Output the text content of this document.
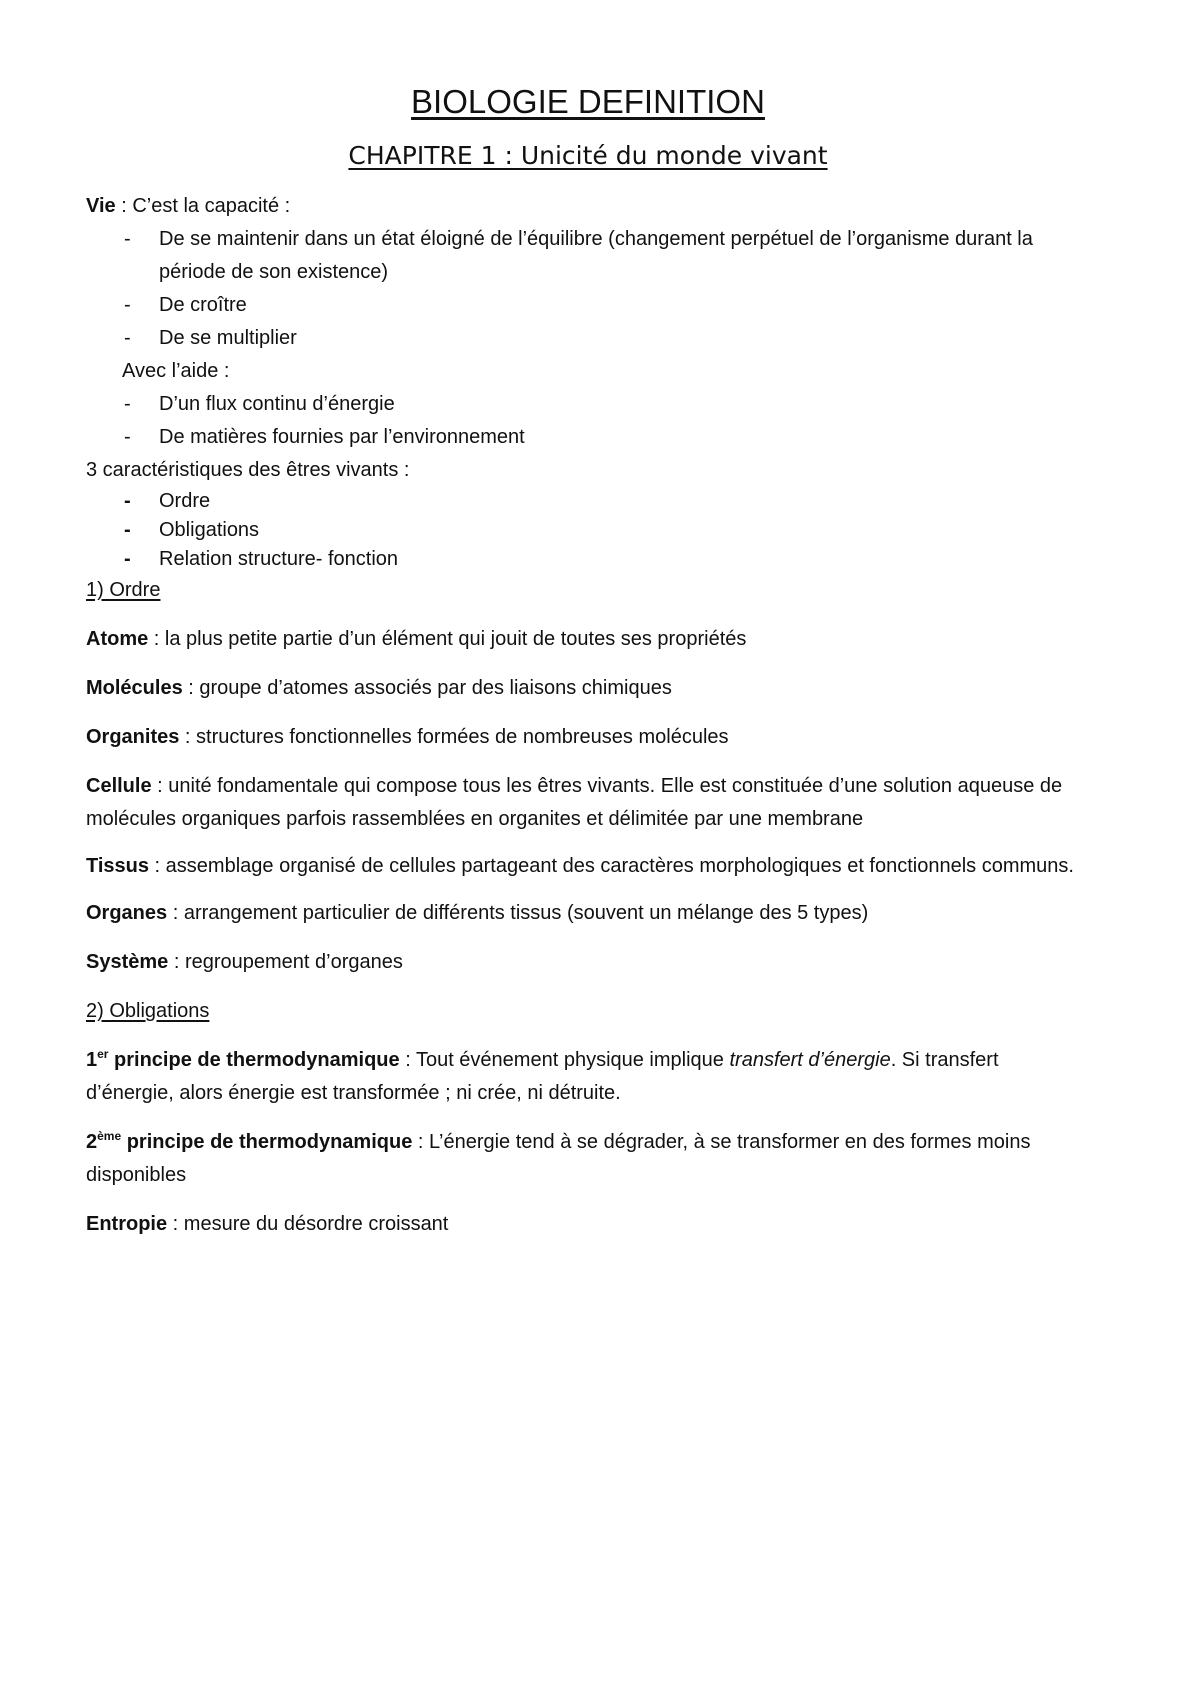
BIOLOGIE DEFINITION
CHAPITRE 1 : Unicité du monde vivant

Vie : C’est la capacité :

- De se maintenir dans un état éloigné de l’équilibre (changement perpétuel de l’organisme durant la période de son existence)
- De croître
- De se multiplier

Avec l’aide :

- D’un flux continu d’énergie
- De matières fournies par l’environnement

3 caractéristiques des êtres vivants :

- Ordre
- Obligations
- Relation structure- fonction

1) Ordre

Atome : la plus petite partie d’un élément qui jouit de toutes ses propriétés

Molécules : groupe d’atomes associés par des liaisons chimiques

Organites : structures fonctionnelles formées de nombreuses molécules

Cellule : unité fondamentale qui compose tous les êtres vivants. Elle est constituée d’une solution aqueuse de molécules organiques parfois rassemblées en organites et délimitée par une membrane

Tissus : assemblage organisé de cellules partageant des caractères morphologiques et fonctionnels communs.

Organes : arrangement particulier de différents tissus (souvent un mélange des 5 types)

Système : regroupement d’organes

2) Obligations

1er principe de thermodynamique : Tout événement physique implique transfert d’énergie. Si transfert d’énergie, alors énergie est transformée ; ni crée, ni détruite.

2ème principe de thermodynamique : L’énergie tend à se dégrader, à se transformer en des formes moins disponibles

Entropie : mesure du désordre croissant
